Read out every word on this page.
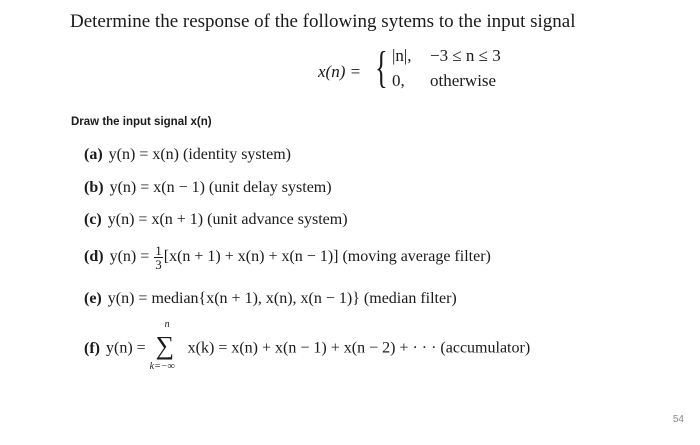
Determine the response of the following sytems to the input signal
x(n) = { |n|, −3 ≤ n ≤ 3
0, otherwise
Draw the input signal x(n)
(a) y(n) = x(n) (identity system)
(b) y(n) = x(n − 1) (unit delay system)
(c) y(n) = x(n + 1) (unit advance system)
(d) $y(n) = \frac{1}{3} [x(n + 1) + x(n) + x(n - 1)]$ (moving average filter)
(e) y(n) = median{x(n + 1), x(n), x(n − 1)} (median filter)
(f) y(n) = ∑
n
k=−∞
x(k) = x(n) + x(n − 1) + x(n − 2) + · · · (accumulator)
54
